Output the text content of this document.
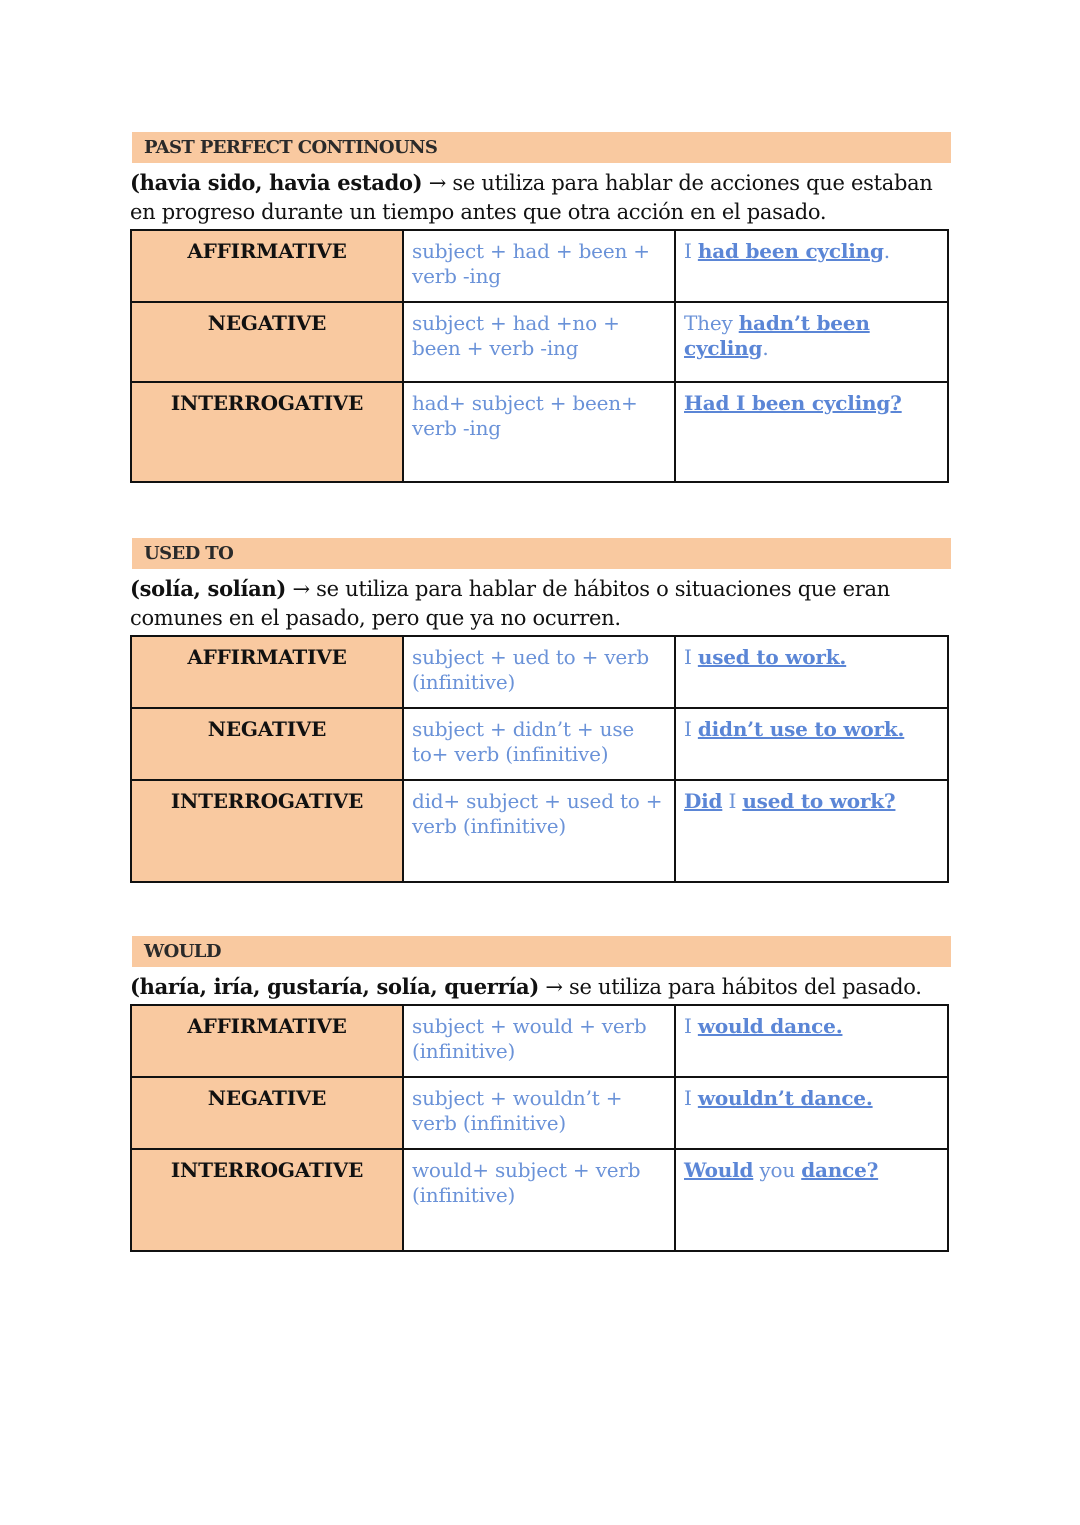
PAST PERFECT CONTINOUNS
(havia sido, havia estado) → se utiliza para hablar de acciones que estaban en progreso durante un tiempo antes que otra acción en el pasado.
AFFIRMATIVE	subject + had + been + verb -ing	I had been cycling.
NEGATIVE	subject + had +no + been + verb -ing	They hadn’t been cycling.
INTERROGATIVE	had+ subject + been+ verb -ing	Had I been cycling?
USED TO
(solía, solían) → se utiliza para hablar de hábitos o situaciones que eran comunes en el pasado, pero que ya no ocurren.
AFFIRMATIVE	subject + ued to + verb (infinitive)	I used to work.
NEGATIVE	subject + didn’t + use to+ verb (infinitive)	I didn’t use to work.
INTERROGATIVE	did+ subject + used to + verb (infinitive)	Did I used to work?
WOULD
(haría, iría, gustaría, solía, querría) → se utiliza para hábitos del pasado.
AFFIRMATIVE	subject + would + verb (infinitive)	I would dance.
NEGATIVE	subject + wouldn’t + verb (infinitive)	I wouldn’t dance.
INTERROGATIVE	would+ subject + verb (infinitive)	Would you dance?
